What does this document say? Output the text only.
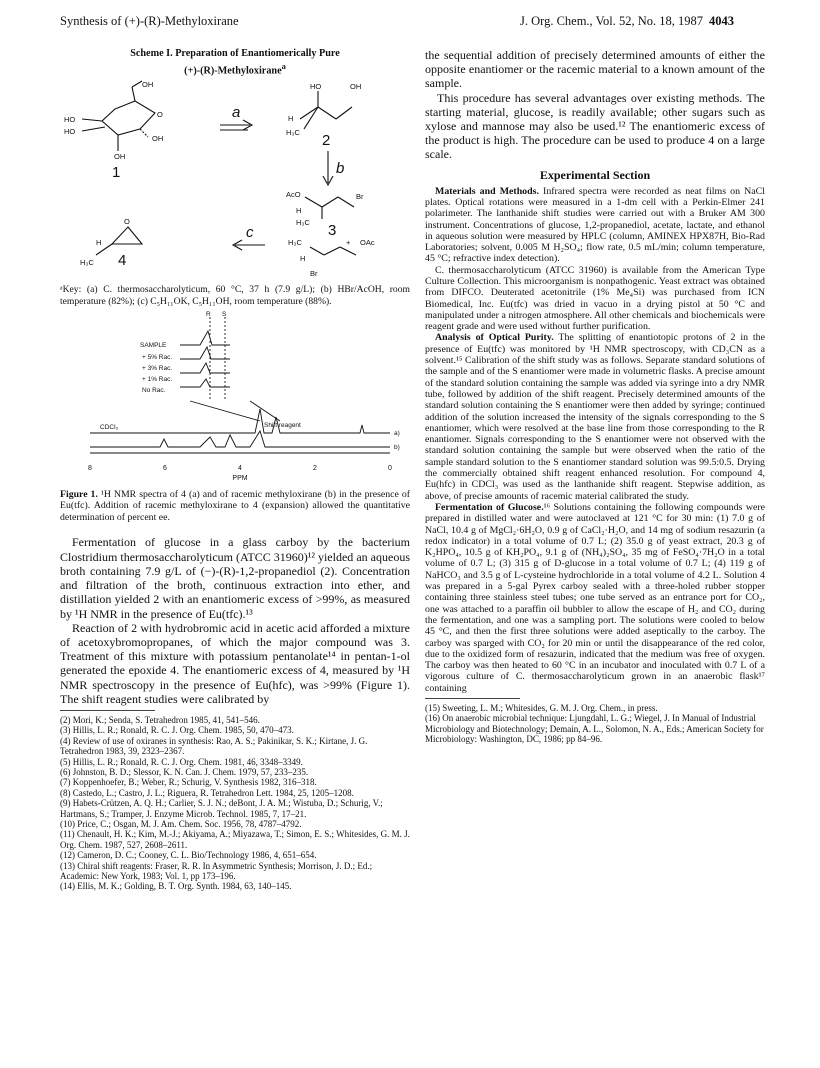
Synthesis of (+)-(R)-Methyloxirane	J. Org. Chem., Vol. 52, No. 18, 1987 4043
Scheme I. Preparation of Enantiomerically Pure
(+)-(R)-Methyloxirane$^a$
OH
HO
HO
O
OH
OH
HO	OH
H
H₃C
AcO	Br
H
H₃C
H₃C	+ OAc
H
Br
H
H₃C
O
1
2
3
4
a
b
c
ᵃKey: (a) C. thermosaccharolyticum, 60 °C, 37 h (7.9 g/L); (b) HBr/AcOH, room temperature (82%); (c) C₅H₁₁OK, C₅H₁₁OH, room temperature (88%).
R S
SAMPLE
+ 5% Rac.
+ 3% Rac.
+ 1% Rac.
No Rac.
CDCl₃	Shift reagent
a)
b)

8	6	4	2	0
PPM
Figure 1. ¹H NMR spectra of 4 (a) and of racemic methyloxirane (b) in the presence of Eu(tfc). Addition of racemic methyloxirane to 4 (expansion) allowed the quantitative determination of percent ee.

Fermentation of glucose in a glass carboy by the bacterium Clostridium thermosaccharolyticum (ATCC 31960)¹² yielded an aqueous broth containing 7.9 g/L of (−)-(R)-1,2-propanediol (2). Concentration and filtration of the broth, continuous extraction into ether, and distillation yielded 2 with an enantiomeric excess of >99%, as measured by ¹H NMR in the presence of Eu(tfc).¹³

Reaction of 2 with hydrobromic acid in acetic acid afforded a mixture of acetoxybromopropanes, of which the major compound was 3. Treatment of this mixture with potassium pentanolate¹⁴ in pentan-1-ol generated the epoxide 4. The enantiomeric excess of 4, measured by ¹H NMR spectroscopy in the presence of Eu(hfc), was >99% (Figure 1). The shift reagent studies were calibrated by

(2) Mori, K.; Senda, S. Tetrahedron 1985, 41, 541–546.
(3) Hillis, L. R.; Ronald, R. C. J. Org. Chem. 1985, 50, 470–473.
(4) Review of use of oxiranes in synthesis: Rao, A. S.; Pakinikar, S. K.; Kirtane, J. G. Tetrahedron 1983, 39, 2323–2367.
(5) Hillis, L. R.; Ronald, R. C. J. Org. Chem. 1981, 46, 3348–3349.
(6) Johnston, B. D.; Slessor, K. N. Can. J. Chem. 1979, 57, 233–235.
(7) Koppenhoefer, B.; Weber, R.; Schurig, V. Synthesis 1982, 316–318.
(8) Castedo, L.; Castro, J. L.; Riguera, R. Tetrahedron Lett. 1984, 25, 1205–1208.
(9) Habets-Crützen, A. Q. H.; Carlier, S. J. N.; deBont, J. A. M.; Wistuba, D.; Schurig, V.; Hartmans, S.; Tramper, J. Enzyme Microb. Technol. 1985, 7, 17–21.
(10) Price, C.; Osgan, M. J. Am. Chem. Soc. 1956, 78, 4787–4792.
(11) Chenault, H. K.; Kim, M.-J.; Akiyama, A.; Miyazawa, T.; Simon, E. S.; Whitesides, G. M. J. Org. Chem. 1987, 527, 2608–2611.
(12) Cameron, D. C.; Cooney, C. L. Bio/Technology 1986, 4, 651–654.
(13) Chiral shift reagents: Fraser, R. R. In Asymmetric Synthesis; Morrison, J. D.; Ed.; Academic: New York, 1983; Vol. 1, pp 173–196.
(14) Ellis, M. K.; Golding, B. T. Org. Synth. 1984, 63, 140–145.

the sequential addition of precisely determined amounts of either the opposite enantiomer or the racemic material to a known amount of the sample.

This procedure has several advantages over existing methods. The starting material, glucose, is readily available; other sugars such as xylose and mannose may also be used.¹² The enantiomeric excess of the product is high. The procedure can be used to produce 4 on a large scale.

Experimental Section

Materials and Methods. Infrared spectra were recorded as neat films on NaCl plates. Optical rotations were measured in a 1-dm cell with a Perkin-Elmer 241 polarimeter. The lanthanide shift studies were carried out with a Bruker AM 300 instrument. Concentrations of glucose, 1,2-propanediol, acetate, lactate, and ethanol in aqueous solution were measured by HPLC (column, AMINEX HPX87H, Bio-Rad Laboratories; solvent, 0.005 M H₂SO₄; flow rate, 0.5 mL/min; column temperature, 45 °C; refractive index detection).

C. thermosaccharolyticum (ATCC 31960) is available from the American Type Culture Collection. This microorganism is nonpathogenic. Yeast extract was obtained from DIFCO. Deuterated acetonitrile (1% Me₄Si) was purchased from ICN Biomedical, Inc. Eu(tfc) was dried in vacuo in a drying pistol at 50 °C and manipulated under a nitrogen atmosphere. All other chemicals and biochemicals were reagent grade and were used without further purification.

Analysis of Optical Purity. The splitting of enantiotopic protons of 2 in the presence of Eu(tfc) was monitored by ¹H NMR spectroscopy, with CD₃CN as a solvent.¹⁵ Calibration of the shift study was as follows. Separate standard solutions of the sample and of the S enantiomer were made in volumetric flasks. A precise amount of the standard solution containing the sample was added via syringe into a dry NMR tube, followed by addition of the shift reagent. Precisely determined amounts of the standard solution containing the S enantiomer were then added by syringe; continued addition of the solution increased the intensity of the signals corresponding to the S enantiomer, which were resolved at the base line from those corresponding to the R enantiomer. Signals corresponding to the S enantiomer were not observed with the standard solution containing the sample but were observed when the ratio of the sample standard solution to the S enantiomer standard solution was 99.5:0.5. Drying the commercially obtained shift reagent enhanced resolution. For compound 4, Eu(hfc) in CDCl₃ was used as the lanthanide shift reagent. Stepwise addition, as above, of precise amounts of racemic material calibrated the study.

Fermentation of Glucose.¹⁶ Solutions containing the following compounds were prepared in distilled water and were autoclaved at 121 °C for 30 min: (1) 7.0 g of NaCl, 10.4 g of MgCl₂·6H₂O, 0.9 g of CaCl₂·H₂O, and 14 mg of sodium resazurin (a redox indicator) in a total volume of 0.7 L; (2) 35.0 g of yeast extract, 20.3 g of K₂HPO₄, 10.5 g of KH₂PO₄, 9.1 g of (NH₄)₂SO₄, 35 mg of FeSO₄·7H₂O in a total volume of 0.7 L; (3) 315 g of D-glucose in a total volume of 0.7 L; (4) 119 g of NaHCO₃ and 3.5 g of L-cysteine hydrochloride in a total volume of 4.2 L. Solution 4 was prepared in a 5-gal Pyrex carboy sealed with a three-holed rubber stopper containing three stainless steel tubes; one tube served as an entrance port for CO₂, one was attached to a paraffin oil bubbler to allow the escape of H₂ and CO₂ during the fermentation, and one was a sampling port. The solutions were cooled to below 45 °C, and then the first three solutions were added aseptically to the carboy. The carboy was sparged with CO₂ for 20 min or until the disappearance of the red color, due to the oxidized form of resazurin, indicated that the medium was free of oxygen. The carboy was then heated to 60 °C in an incubator and inoculated with 0.7 L of a vigorous culture of C. thermosaccharolyticum grown in an anaerobic flask¹⁷ containing

(15) Sweeting, L. M.; Whitesides, G. M. J. Org. Chem., in press.
(16) On anaerobic microbial technique: Ljungdahl, L. G.; Wiegel, J. In Manual of Industrial Microbiology and Biotechnology; Demain, A. L., Solomon, N. A., Eds.; American Society for Microbiology: Washington, DC, 1986; pp 84–96.
